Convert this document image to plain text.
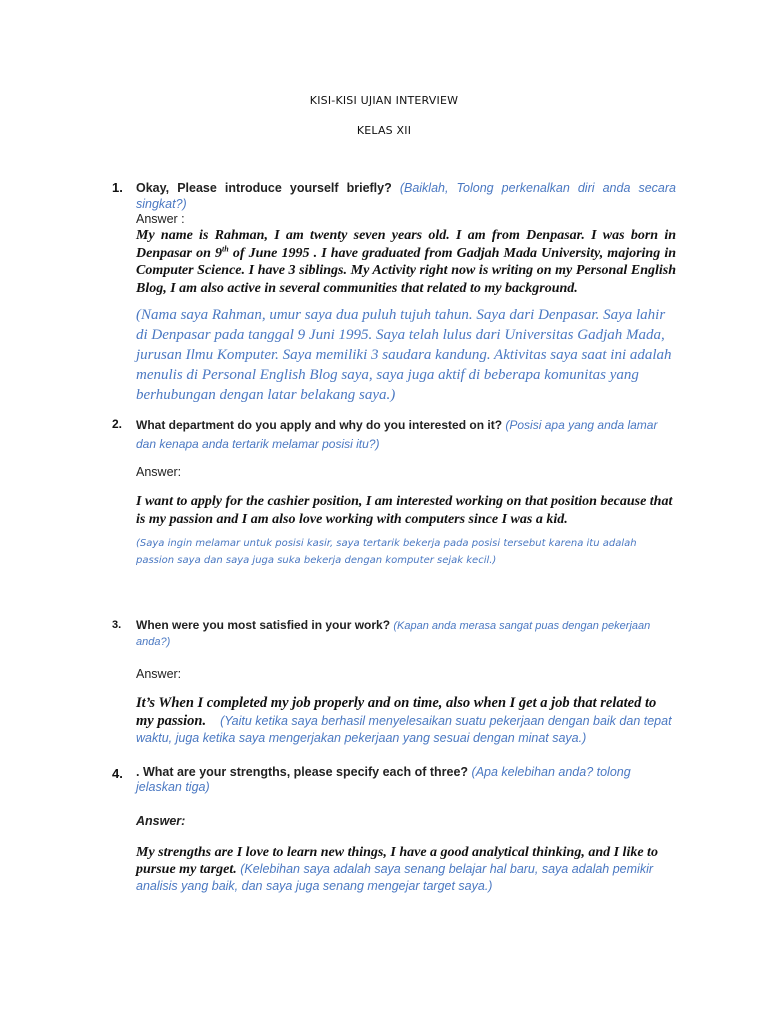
KISI-KISI UJIAN INTERVIEW
KELAS XII
1. Okay, Please introduce yourself briefly? (Baiklah, Tolong perkenalkan diri anda secara singkat?)
Answer :
My name is Rahman, I am twenty seven years old. I am from Denpasar. I was born in Denpasar on 9th of June 1995 . I have graduated from Gadjah Mada University, majoring in Computer Science. I have 3 siblings. My Activity right now is writing on my Personal English Blog, I am also active in several communities that related to my background.
(Nama saya Rahman, umur saya dua puluh tujuh tahun. Saya dari Denpasar. Saya lahir di Denpasar pada tanggal 9 Juni 1995. Saya telah lulus dari Universitas Gadjah Mada, jurusan Ilmu Komputer. Saya memiliki 3 saudara kandung. Aktivitas saya saat ini adalah menulis di Personal English Blog saya, saya juga aktif di beberapa komunitas yang berhubungan dengan latar belakang saya.)
2. What department do you apply and why do you interested on it? (Posisi apa yang anda lamar dan kenapa anda tertarik melamar posisi itu?)
Answer:
I want to apply for the cashier position, I am interested working on that position because that is my passion and I am also love working with computers since I was a kid.
(Saya ingin melamar untuk posisi kasir, saya tertarik bekerja pada posisi tersebut karena itu adalah passion saya dan saya juga suka bekerja dengan komputer sejak kecil.)
3. When were you most satisfied in your work? (Kapan anda merasa sangat puas dengan pekerjaan anda?)
Answer:
It’s When I completed my job properly and on time, also when I get a job that related to my passion. (Yaitu ketika saya berhasil menyelesaikan suatu pekerjaan dengan baik dan tepat waktu, juga ketika saya mengerjakan pekerjaan yang sesuai dengan minat saya.)
4. . What are your strengths, please specify each of three? (Apa kelebihan anda? tolong jelaskan tiga)
Answer:
My strengths are I love to learn new things, I have a good analytical thinking, and I like to pursue my target. (Kelebihan saya adalah saya senang belajar hal baru, saya adalah pemikir analisis yang baik, dan saya juga senang mengejar target saya.)
